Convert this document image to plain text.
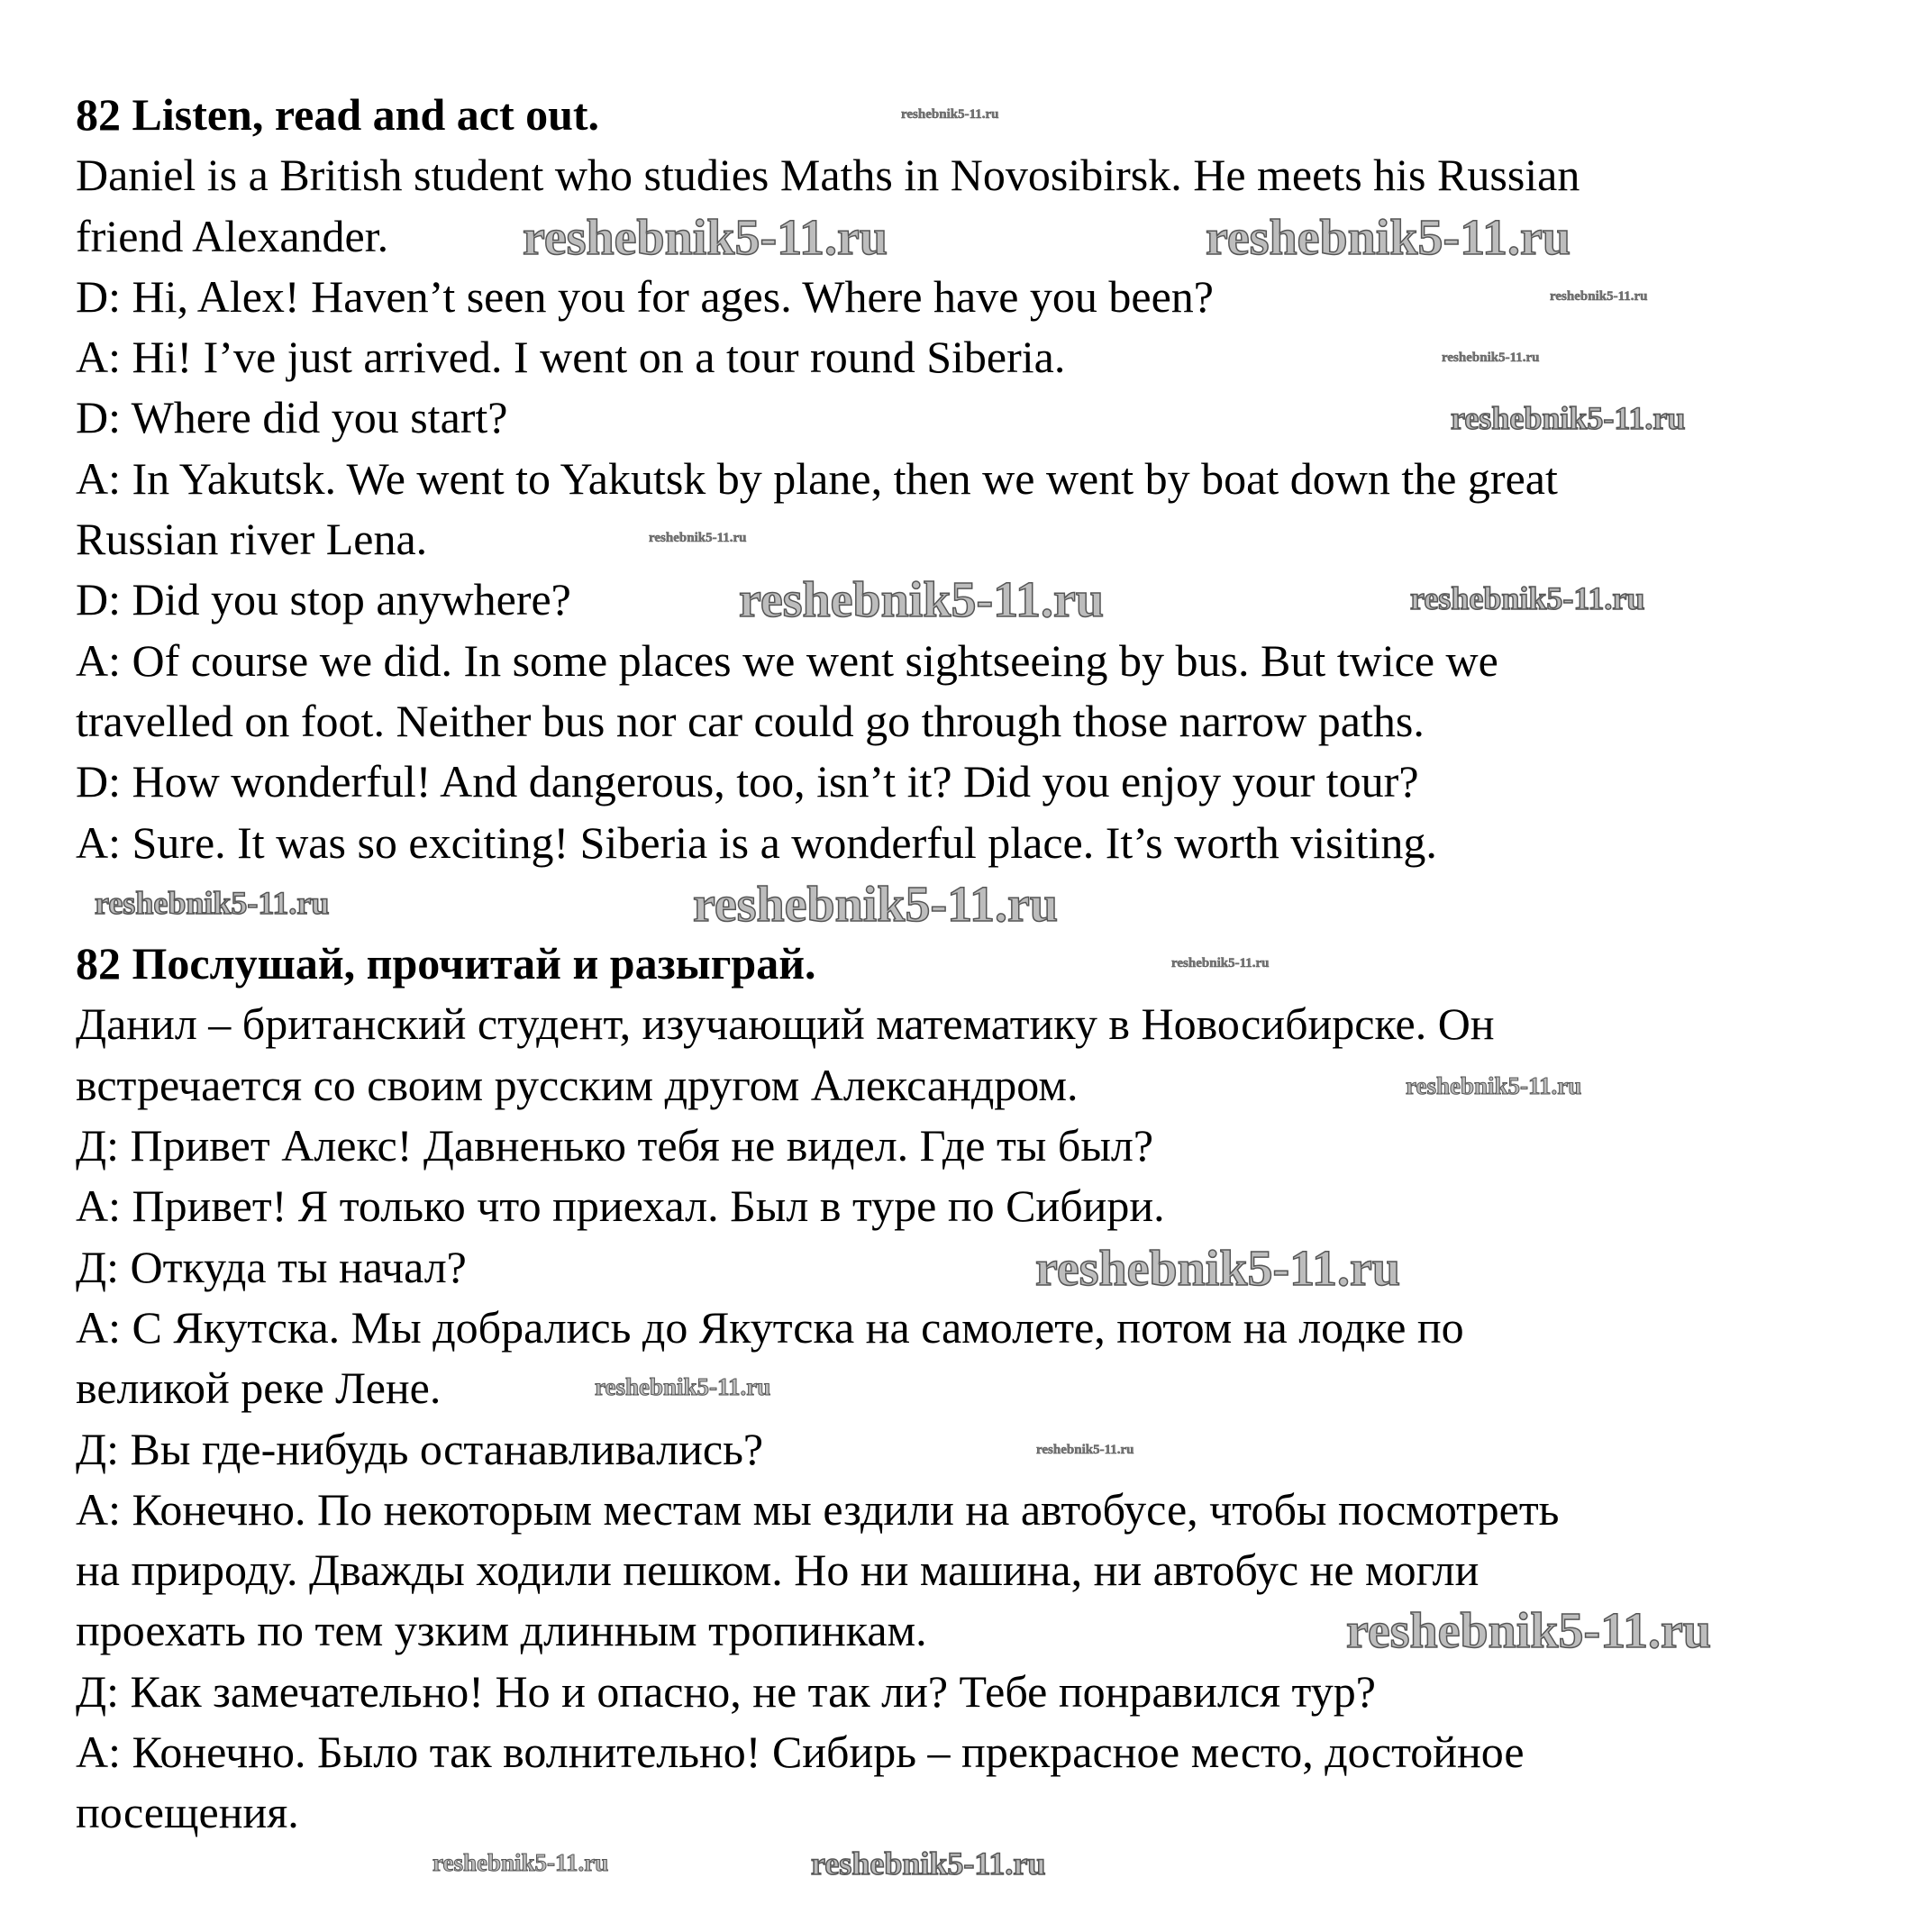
82 Listen, read and act out.

Daniel is a British student who studies Maths in Novosibirsk. He meets his Russian

friend Alexander.

D: Hi, Alex! Haven’t seen you for ages. Where have you been?

A: Hi! I’ve just arrived. I went on a tour round Siberia.

D: Where did you start?

A: In Yakutsk. We went to Yakutsk by plane, then we went by boat down the great

Russian river Lena.

D: Did you stop anywhere?

A: Of course we did. In some places we went sightseeing by bus. But twice we

travelled on foot. Neither bus nor car could go through those narrow paths.

D: How wonderful! And dangerous, too, isn’t it? Did you enjoy your tour?

A: Sure. It was so exciting! Siberia is a wonderful place. It’s worth visiting.

82 Послушай, прочитай и разыграй.

Данил – британский студент, изучающий математику в Новосибирске. Он

встречается со своим русским другом Александром.

Д: Привет Алекс! Давненько тебя не видел. Где ты был?

А: Привет! Я только что приехал. Был в туре по Сибири.

Д: Откуда ты начал?

А: С Якутска. Мы добрались до Якутска на самолете, потом на лодке по

великой реке Лене.

Д: Вы где-нибудь останавливались?

А: Конечно. По некоторым местам мы ездили на автобусе, чтобы посмотреть

на природу. Дважды ходили пешком. Но ни машина, ни автобус не могли

проехать по тем узким длинным тропинкам.

Д: Как замечательно! Но и опасно, не так ли? Тебе понравился тур?

А: Конечно. Было так волнительно! Сибирь – прекрасное место, достойное

посещения.

reshebnik5-11.ru
reshebnik5-11.ru	reshebnik5-11.ru
reshebnik5-11.ru
reshebnik5-11.ru
reshebnik5-11.ru
reshebnik5-11.ru
reshebnik5-11.ru	reshebnik5-11.ru
reshebnik5-11.ru	reshebnik5-11.ru
reshebnik5-11.ru
reshebnik5-11.ru
reshebnik5-11.ru
reshebnik5-11.ru
reshebnik5-11.ru
reshebnik5-11.ru
reshebnik5-11.ru	reshebnik5-11.ru
